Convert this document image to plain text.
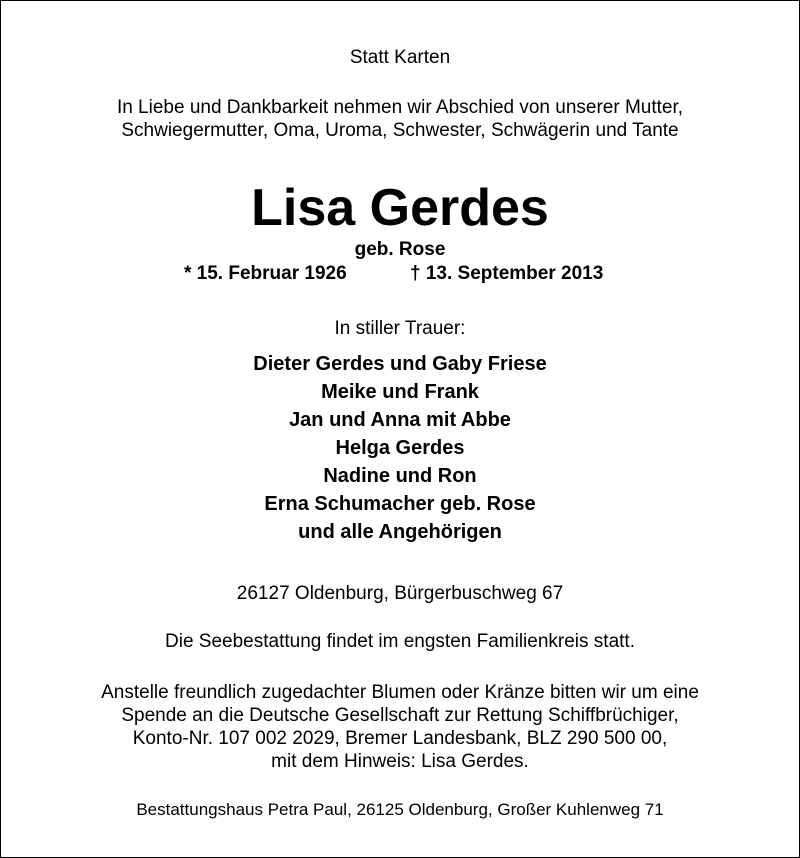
Statt Karten
In Liebe und Dankbarkeit nehmen wir Abschied von unserer Mutter,
Schwiegermutter, Oma, Uroma, Schwester, Schwägerin und Tante
Lisa Gerdes
geb. Rose
* 15. Februar 1926	† 13. September 2013
In stiller Trauer:
Dieter Gerdes und Gaby Friese
Meike und Frank
Jan und Anna mit Abbe
Helga Gerdes
Nadine und Ron
Erna Schumacher geb. Rose
und alle Angehörigen
26127 Oldenburg, Bürgerbuschweg 67
Die Seebestattung findet im engsten Familienkreis statt.
Anstelle freundlich zugedachter Blumen oder Kränze bitten wir um eine
Spende an die Deutsche Gesellschaft zur Rettung Schiffbrüchiger,
Konto-Nr. 107 002 2029, Bremer Landesbank, BLZ 290 500 00,
mit dem Hinweis: Lisa Gerdes.
Bestattungshaus Petra Paul, 26125 Oldenburg, Großer Kuhlenweg 71
